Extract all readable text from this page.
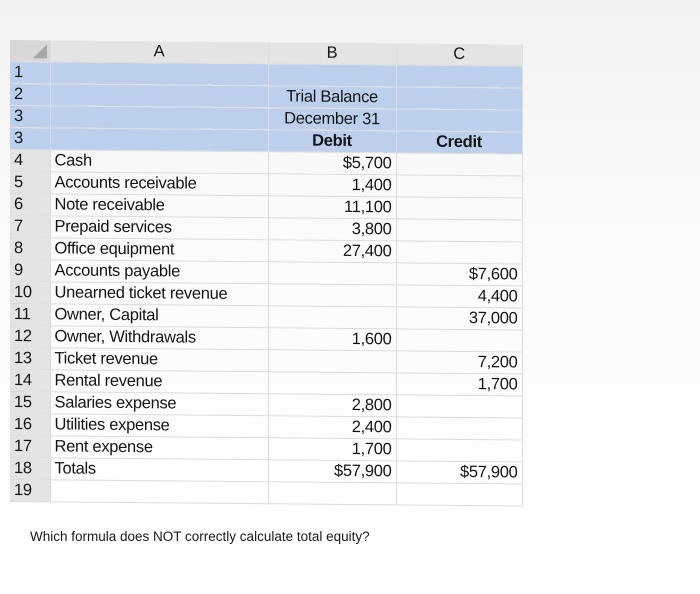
	A	B	C
1			
2		Trial Balance	
3		December 31	
3		Debit	Credit
4	Cash	$5,700	
5	Accounts receivable	1,400	
6	Note receivable	11,100	
7	Prepaid services	3,800	
8	Office equipment	27,400	
9	Accounts payable		$7,600
10	Unearned ticket revenue		4,400
11	Owner, Capital		37,000
12	Owner, Withdrawals	1,600	
13	Ticket revenue		7,200
14	Rental revenue		1,700
15	Salaries expense	2,800	
16	Utilities expense	2,400	
17	Rent expense	1,700	
18	Totals	$57,900	$57,900
19			
Which formula does NOT correctly calculate total equity?
